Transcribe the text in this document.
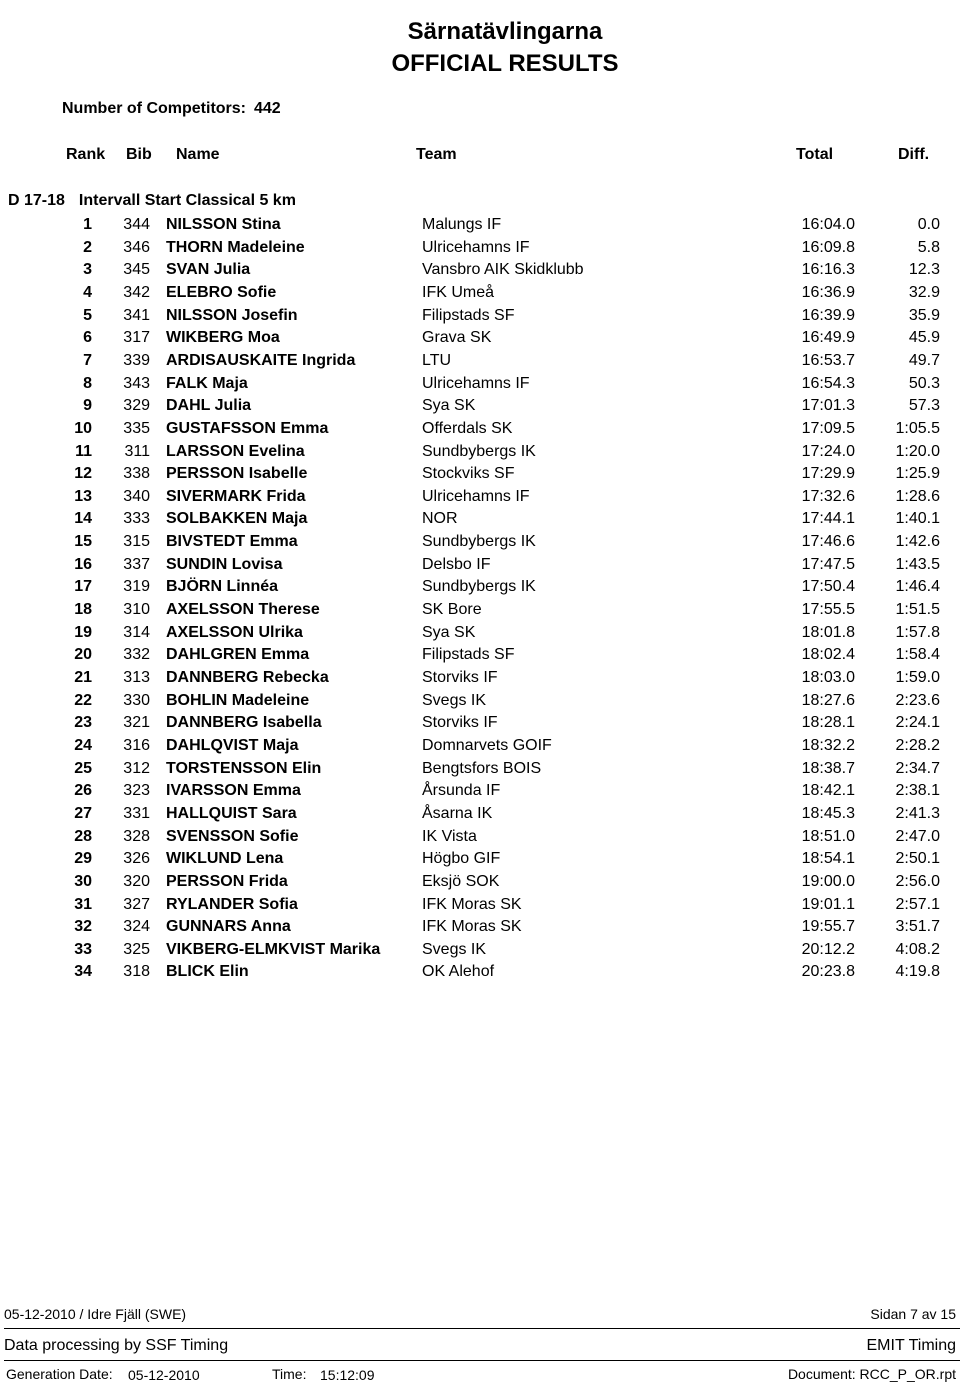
Särnatävlingarna
OFFICIAL RESULTS
Number of Competitors: 442
Rank Bib Name	Team	Total	Diff.
D 17-18 Intervall Start Classical 5 km
1	344 NILSSON Stina	Malungs IF	16:04.0	0.0
2	346 THORN Madeleine	Ulricehamns IF	16:09.8	5.8
3	345 SVAN Julia	Vansbro AIK Skidklubb	16:16.3	12.3
4	342 ELEBRO Sofie	IFK Umeå	16:36.9	32.9
5	341 NILSSON Josefin	Filipstads SF	16:39.9	35.9
6	317 WIKBERG Moa	Grava SK	16:49.9	45.9
7	339 ARDISAUSKAITE Ingrida	LTU	16:53.7	49.7
8	343 FALK Maja	Ulricehamns IF	16:54.3	50.3
9	329 DAHL Julia	Sya SK	17:01.3	57.3
10	335 GUSTAFSSON Emma	Offerdals SK	17:09.5	1:05.5
11	311 LARSSON Evelina	Sundbybergs IK	17:24.0	1:20.0
12	338 PERSSON Isabelle	Stockviks SF	17:29.9	1:25.9
13	340 SIVERMARK Frida	Ulricehamns IF	17:32.6	1:28.6
14	333 SOLBAKKEN Maja	NOR	17:44.1	1:40.1
15	315 BIVSTEDT Emma	Sundbybergs IK	17:46.6	1:42.6
16	337 SUNDIN Lovisa	Delsbo IF	17:47.5	1:43.5
17	319 BJÖRN Linnéa	Sundbybergs IK	17:50.4	1:46.4
18	310 AXELSSON Therese	SK Bore	17:55.5	1:51.5
19	314 AXELSSON Ulrika	Sya SK	18:01.8	1:57.8
20	332 DAHLGREN Emma	Filipstads SF	18:02.4	1:58.4
21	313 DANNBERG Rebecka	Storviks IF	18:03.0	1:59.0
22	330 BOHLIN Madeleine	Svegs IK	18:27.6	2:23.6
23	321 DANNBERG Isabella	Storviks IF	18:28.1	2:24.1
24	316 DAHLQVIST Maja	Domnarvets GOIF	18:32.2	2:28.2
25	312 TORSTENSSON Elin	Bengtsfors BOIS	18:38.7	2:34.7
26	323 IVARSSON Emma	Årsunda IF	18:42.1	2:38.1
27	331 HALLQUIST Sara	Åsarna IK	18:45.3	2:41.3
28	328 SVENSSON Sofie	IK Vista	18:51.0	2:47.0
29	326 WIKLUND Lena	Högbo GIF	18:54.1	2:50.1
30	320 PERSSON Frida	Eksjö SOK	19:00.0	2:56.0
31	327 RYLANDER Sofia	IFK Moras SK	19:01.1	2:57.1
32	324 GUNNARS Anna	IFK Moras SK	19:55.7	3:51.7
33	325 VIKBERG-ELMKVIST Marika	Svegs IK	20:12.2	4:08.2
34	318 BLICK Elin	OK Alehof	20:23.8	4:19.8
05-12-2010 / Idre Fjäll (SWE)	Sidan 7 av 15
Data processing by SSF Timing	EMIT Timing
Generation Date: 05-12-2010	Time: 15:12:09	Document: RCC_P_OR.rpt
